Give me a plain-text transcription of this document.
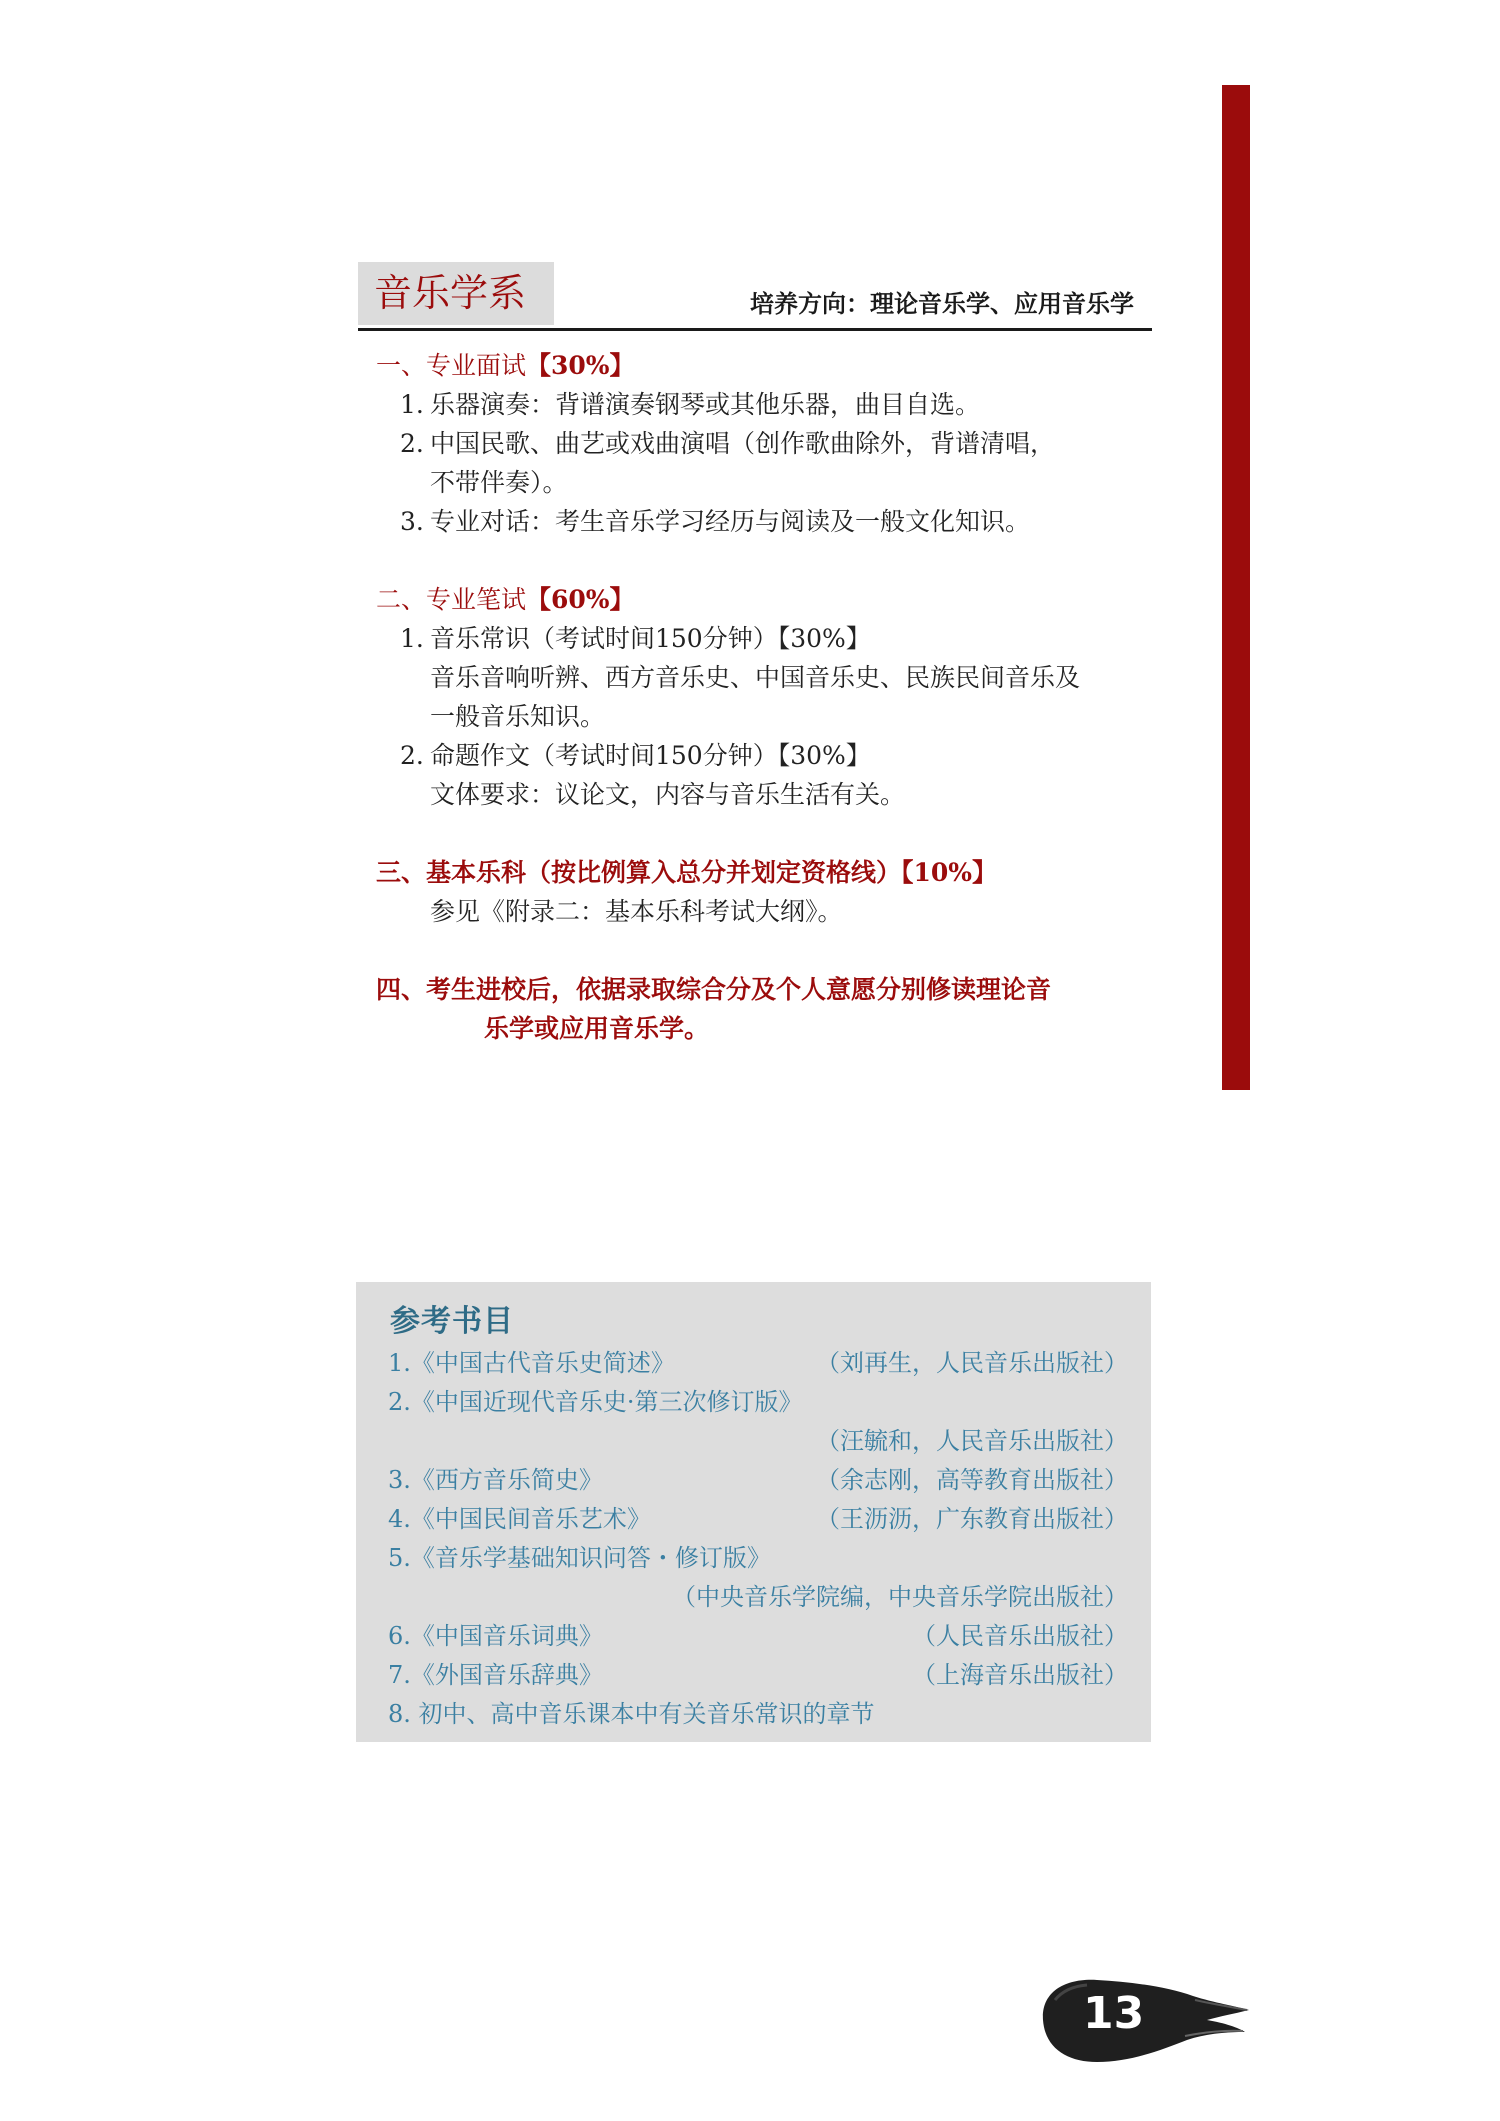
音乐学系	培养方向：理论音乐学、应用音乐学
一、专业面试【30%】
1. 乐器演奏：背谱演奏钢琴或其他乐器，曲目自选。
2. 中国民歌、曲艺或戏曲演唱（创作歌曲除外，背谱清唱，
不带伴奏）。
3. 专业对话：考生音乐学习经历与阅读及一般文化知识。
二、专业笔试【60%】
1. 音乐常识（考试时间150分钟）【30%】
音乐音响听辨、西方音乐史、中国音乐史、民族民间音乐及
一般音乐知识。
2. 命题作文（考试时间150分钟）【30%】
文体要求：议论文，内容与音乐生活有关。
三、基本乐科（按比例算入总分并划定资格线）【10%】
参见《附录二：基本乐科考试大纲》。
四、考生进校后，依据录取综合分及个人意愿分别修读理论音
乐学或应用音乐学。
参考书目
1.《中国古代音乐史简述》	（刘再生，人民音乐出版社）
2.《中国近现代音乐史·第三次修订版》
（汪毓和，人民音乐出版社）
3.《西方音乐简史》	（余志刚，高等教育出版社）
4.《中国民间音乐艺术》	（王沥沥，广东教育出版社）
5.《音乐学基础知识问答・修订版》
（中央音乐学院编，中央音乐学院出版社）
6.《中国音乐词典》	（人民音乐出版社）
7.《外国音乐辞典》	（上海音乐出版社）
8. 初中、高中音乐课本中有关音乐常识的章节
13
